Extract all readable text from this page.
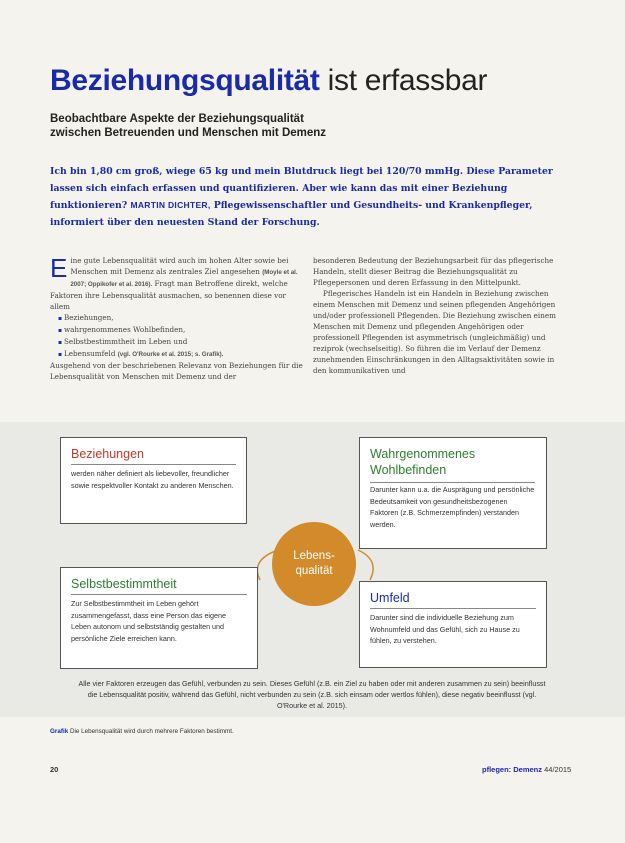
Beziehungsqualität ist erfassbar
Beobachtbare Aspekte der Beziehungsqualität
zwischen Betreuenden und Menschen mit Demenz
Ich bin 1,80 cm groß, wiege 65 kg und mein Blutdruck liegt bei 120/70 mmHg. Diese Parameter lassen sich einfach erfassen und quantifizieren. Aber wie kann das mit einer Beziehung funktionieren? MARTIN DICHTER, Pflegewissenschaftler und Gesundheits- und Krankenpfleger, informiert über den neuesten Stand der Forschung.

Eine gute Lebensqualität wird auch im hohen Alter sowie bei Menschen mit Demenz als zentrales Ziel angesehen (Moyle et al. 2007; Oppikofer et al. 2016). Fragt man Betroffene direkt, welche Faktoren ihre Lebensqualität ausmachen, so benennen diese vor allem

▪ Beziehungen,
▪ wahrgenommenes Wohlbefinden,
▪ Selbstbestimmtheit im Leben und
▪ Lebensumfeld (vgl. O'Rourke et al. 2015; s. Grafik).

Ausgehend von der beschriebenen Relevanz von Beziehungen für die Lebensqualität von Menschen mit Demenz und der

besonderen Bedeutung der Beziehungsarbeit für das pflegerische Handeln, stellt dieser Beitrag die Beziehungsqualität zu Pflegepersonen und deren Erfassung in den Mittelpunkt.

Pflegerisches Handeln ist ein Handeln in Beziehung zwischen einem Menschen mit Demenz und seinen pflegenden Angehörigen und/oder professionell Pflegenden. Die Beziehung zwischen einem Menschen mit Demenz und pflegenden Angehörigen oder professionell Pflegenden ist asymmetrisch (ungleichmäßig) und reziprok (wechselseitig). So führen die im Verlauf der Demenz zunehmenden Einschränkungen in den Alltagsaktivitäten sowie in den kommunikativen und

Beziehungen
werden näher definiert als liebevoller, freundlicher sowie respektvoller Kontakt zu anderen Menschen.
Wahrgenommenes Wohlbefinden
Darunter kann u.a. die Ausprägung und persönliche Bedeutsamkeit von gesundheitsbezogenen Faktoren (z.B. Schmerzempfinden) verstanden werden.
Selbstbestimmtheit
Zur Selbstbestimmtheit im Leben gehört zusammengefasst, dass eine Person das eigene Leben autonom und selbstständig gestalten und persönliche Ziele erreichen kann.
Umfeld
Darunter sind die individuelle Beziehung zum Wohnumfeld und das Gefühl, sich zu Hause zu fühlen, zu verstehen.
Lebens-
qualität
Alle vier Faktoren erzeugen das Gefühl, verbunden zu sein. Dieses Gefühl (z.B. ein Ziel zu haben oder mit anderen zusammen zu sein) beeinflusst die Lebensqualität positiv, während das Gefühl, nicht verbunden zu sein (z.B. sich einsam oder wertlos fühlen), diese negativ beeinflusst (vgl. O'Rourke et al. 2015).
Grafik Die Lebensqualität wird durch mehrere Faktoren bestimmt.
20	pflegen: Demenz 44/2015
